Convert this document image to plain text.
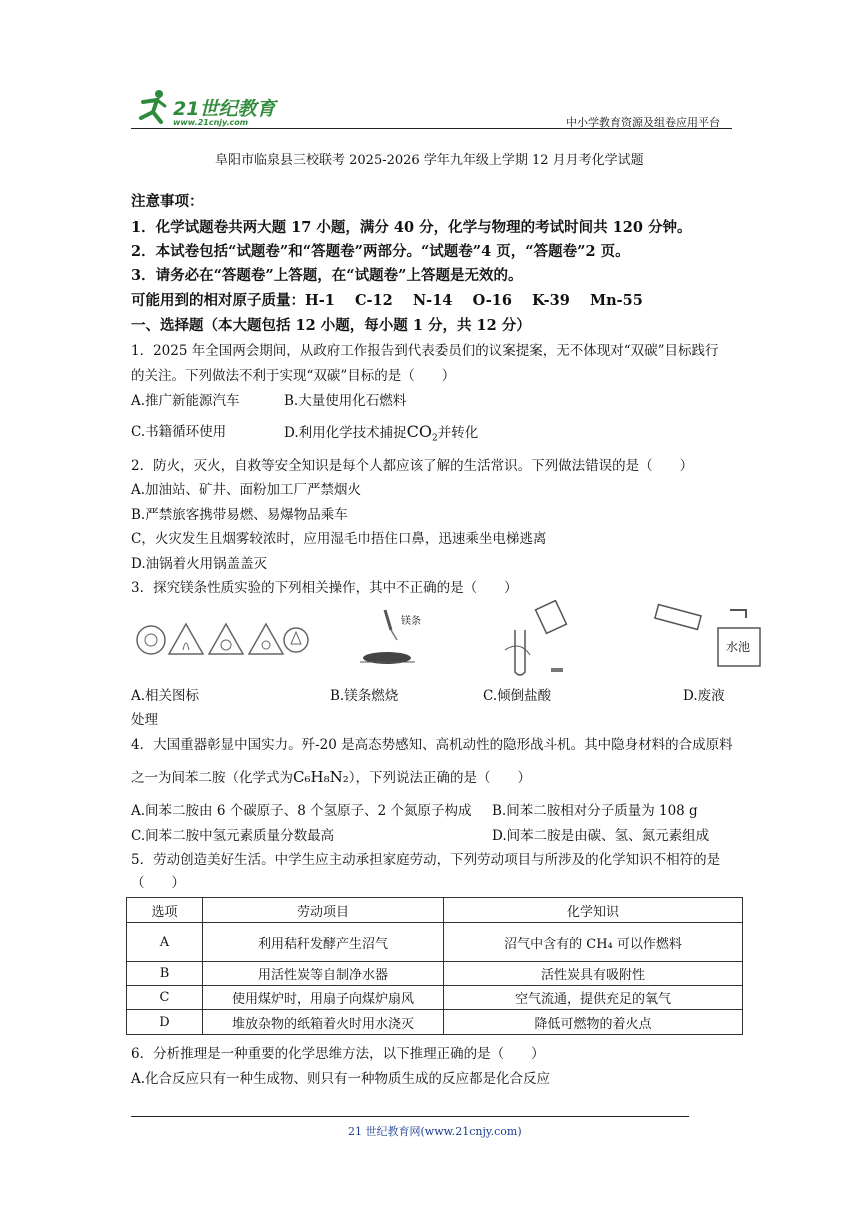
21世纪教育
www.21cnjy.com	中小学教育资源及组卷应用平台
阜阳市临泉县三校联考 2025-2026 学年九年级上学期 12 月月考化学试题
注意事项：
1．化学试题卷共两大题 17 小题，满分 40 分，化学与物理的考试时间共 120 分钟。
2．本试卷包括“试题卷”和“答题卷”两部分。“试题卷”4 页，“答题卷”2 页。
3．请务必在“答题卷”上答题，在“试题卷”上答题是无效的。
可能用到的相对原子质量：H-1    C-12    N-14    O-16    K-39    Mn-55
一、选择题（本大题包括 12 小题，每小题 1 分，共 12 分）
1．2025 年全国两会期间，从政府工作报告到代表委员们的议案提案，无不体现对“双碳”目标践行
的关注。下列做法不利于实现“双碳”目标的是（　　）
A.推广新能源汽车	B.大量使用化石燃料
C.书籍循环使用	D.利用化学技术捕捉$CO_2$并转化
2．防火，灭火，自救等安全知识是每个人都应该了解的生活常识。下列做法错误的是（　　）
A.加油站、矿井、面粉加工厂严禁烟火
B.严禁旅客携带易燃、易爆物品乘车
C，火灾发生且烟雾较浓时，应用湿毛巾捂住口鼻，迅速乘坐电梯逃离
D.油锅着火用锅盖盖灭
3．探究镁条性质实验的下列相关操作，其中不正确的是（　　）
镁条
水池
A.相关图标	B.镁条燃烧	C.倾倒盐酸	D.废液
处理
4．大国重器彰显中国实力。歼-20 是高态势感知、高机动性的隐形战斗机。其中隐身材料的合成原料
之一为间苯二胺（化学式为C₆H₈N₂），下列说法正确的是（　　）
A.间苯二胺由 6 个碳原子、8 个氢原子、2 个氮原子构成 B.间苯二胺相对分子质量为 108 g
C.间苯二胺中氢元素质量分数最高	D.间苯二胺是由碳、氢、氮元素组成
5．劳动创造美好生活。中学生应主动承担家庭劳动，下列劳动项目与所涉及的化学知识不相符的是
（　　）
选项	劳动项目	化学知识
A	利用秸秆发酵产生沼气	沼气中含有的 CH₄ 可以作燃料
B	用活性炭等自制净水器	活性炭具有吸附性
C	使用煤炉时，用扇子向煤炉扇风	空气流通，提供充足的氧气
D	堆放杂物的纸箱着火时用水浇灭	降低可燃物的着火点
6．分析推理是一种重要的化学思维方法，以下推理正确的是（　　）
A.化合反应只有一种生成物、则只有一种物质生成的反应都是化合反应
21 世纪教育网(www.21cnjy.com)
